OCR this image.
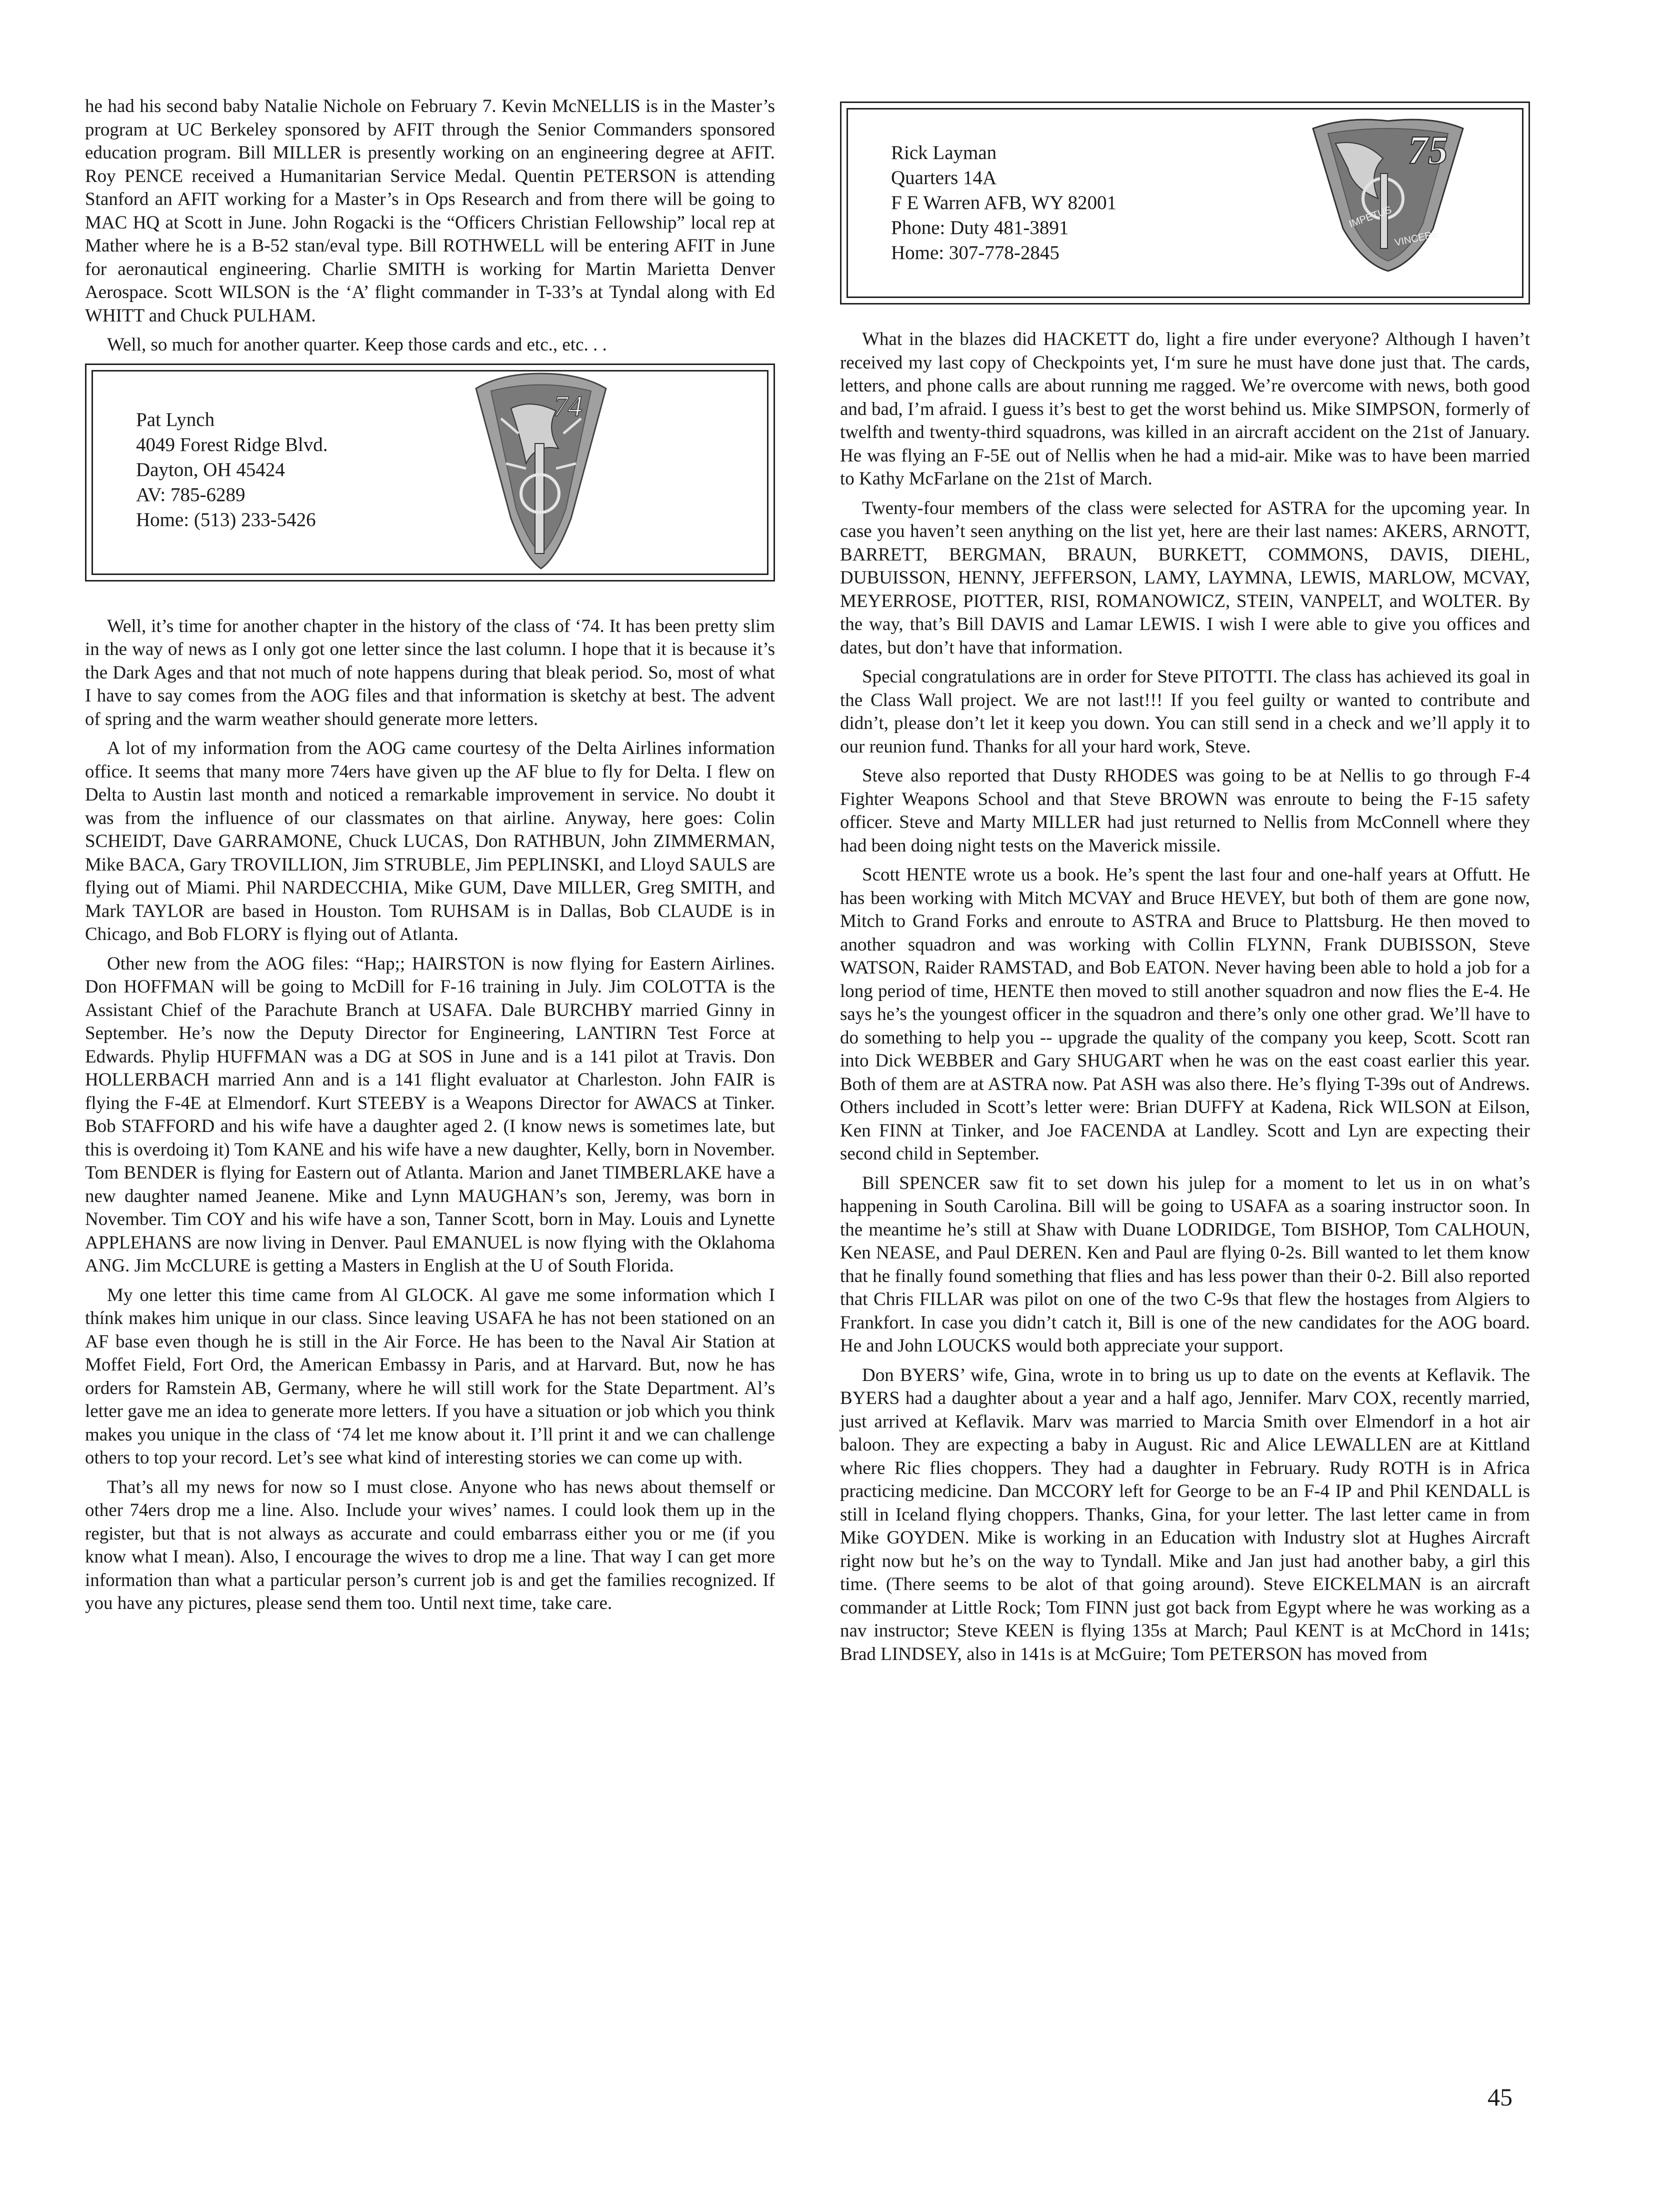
he had his second baby Natalie Nichole on February 7. Kevin McNELLIS is in the Master’s program at UC Berkeley sponsored by AFIT through the Senior Commanders sponsored education program. Bill MILLER is presently working on an engineering degree at AFIT. Roy PENCE received a Humanitarian Service Medal. Quentin PETERSON is attending Stanford an AFIT working for a Master’s in Ops Research and from there will be going to MAC HQ at Scott in June. John Rogacki is the “Officers Christian Fellowship” local rep at Mather where he is a B-52 stan/eval type. Bill ROTHWELL will be entering AFIT in June for aeronautical engineering. Charlie SMITH is working for Martin Marietta Denver Aerospace. Scott WILSON is the ‘A’ flight commander in T-33’s at Tyndal along with Ed WHITT and Chuck PULHAM.

Well, so much for another quarter. Keep those cards and etc., etc. . .

Pat Lynch
4049 Forest Ridge Blvd.
Dayton, OH 45424
AV: 785-6289
Home: (513) 233-5426
74

Well, it’s time for another chapter in the history of the class of ‘74. It has been pretty slim in the way of news as I only got one letter since the last column. I hope that it is because it’s the Dark Ages and that not much of note happens during that bleak period. So, most of what I have to say comes from the AOG files and that information is sketchy at best. The advent of spring and the warm weather should generate more letters.

A lot of my information from the AOG came courtesy of the Delta Airlines information office. It seems that many more 74ers have given up the AF blue to fly for Delta. I flew on Delta to Austin last month and noticed a remarkable improvement in service. No doubt it was from the influence of our classmates on that airline. Anyway, here goes: Colin SCHEIDT, Dave GARRAMONE, Chuck LUCAS, Don RATHBUN, John ZIMMERMAN, Mike BACA, Gary TROVILLION, Jim STRUBLE, Jim PEPLINSKI, and Lloyd SAULS are flying out of Miami. Phil NARDECCHIA, Mike GUM, Dave MILLER, Greg SMITH, and Mark TAYLOR are based in Houston. Tom RUHSAM is in Dallas, Bob CLAUDE is in Chicago, and Bob FLORY is flying out of Atlanta.

Other new from the AOG files: “Hap;; HAIRSTON is now flying for Eastern Airlines. Don HOFFMAN will be going to McDill for F-16 training in July. Jim COLOTTA is the Assistant Chief of the Parachute Branch at USAFA. Dale BURCHBY married Ginny in September. He’s now the Deputy Director for Engineering, LANTIRN Test Force at Edwards. Phylip HUFFMAN was a DG at SOS in June and is a 141 pilot at Travis. Don HOLLERBACH married Ann and is a 141 flight evaluator at Charleston. John FAIR is flying the F-4E at Elmendorf. Kurt STEEBY is a Weapons Director for AWACS at Tinker. Bob STAFFORD and his wife have a daughter aged 2. (I know news is sometimes late, but this is overdoing it) Tom KANE and his wife have a new daughter, Kelly, born in November. Tom BENDER is flying for Eastern out of Atlanta. Marion and Janet TIMBERLAKE have a new daughter named Jeanene. Mike and Lynn MAUGHAN’s son, Jeremy, was born in November. Tim COY and his wife have a son, Tanner Scott, born in May. Louis and Lynette APPLEHANS are now living in Denver. Paul EMANUEL is now flying with the Oklahoma ANG. Jim McCLURE is getting a Masters in English at the U of South Florida.

My one letter this time came from Al GLOCK. Al gave me some information which I thínk makes him unique in our class. Since leaving USAFA he has not been stationed on an AF base even though he is still in the Air Force. He has been to the Naval Air Station at Moffet Field, Fort Ord, the American Embassy in Paris, and at Harvard. But, now he has orders for Ramstein AB, Germany, where he will still work for the State Department. Al’s letter gave me an idea to generate more letters. If you have a situation or job which you think makes you unique in the class of ‘74 let me know about it. I’ll print it and we can challenge others to top your record. Let’s see what kind of interesting stories we can come up with.

That’s all my news for now so I must close. Anyone who has news about themself or other 74ers drop me a line. Also. Include your wives’ names. I could look them up in the register, but that is not always as accurate and could embarrass either you or me (if you know what I mean). Also, I encourage the wives to drop me a line. That way I can get more information than what a particular person’s current job is and get the families recognized. If you have any pictures, please send them too. Until next time, take care.

Rick Layman
Quarters 14A
F E Warren AFB, WY 82001
Phone: Duty 481-3891
Home: 307-778-2845
75
IMPETUS
VINCERE

What in the blazes did HACKETT do, light a fire under everyone? Although I haven’t received my last copy of Checkpoints yet, I‘m sure he must have done just that. The cards, letters, and phone calls are about running me ragged. We’re overcome with news, both good and bad, I’m afraid. I guess it’s best to get the worst behind us. Mike SIMPSON, formerly of twelfth and twenty-third squadrons, was killed in an aircraft accident on the 21st of January. He was flying an F-5E out of Nellis when he had a mid-air. Mike was to have been married to Kathy McFarlane on the 21st of March.

Twenty-four members of the class were selected for ASTRA for the upcoming year. In case you haven’t seen anything on the list yet, here are their last names: AKERS, ARNOTT, BARRETT, BERGMAN, BRAUN, BURKETT, COMMONS, DAVIS, DIEHL, DUBUISSON, HENNY, JEFFERSON, LAMY, LAYMNA, LEWIS, MARLOW, MCVAY, MEYERROSE, PIOTTER, RISI, ROMANOWICZ, STEIN, VANPELT, and WOLTER. By the way, that’s Bill DAVIS and Lamar LEWIS. I wish I were able to give you offices and dates, but don’t have that information.

Special congratulations are in order for Steve PITOTTI. The class has achieved its goal in the Class Wall project. We are not last!!! If you feel guilty or wanted to contribute and didn’t, please don’t let it keep you down. You can still send in a check and we’ll apply it to our reunion fund. Thanks for all your hard work, Steve.

Steve also reported that Dusty RHODES was going to be at Nellis to go through F-4 Fighter Weapons School and that Steve BROWN was enroute to being the F-15 safety officer. Steve and Marty MILLER had just returned to Nellis from McConnell where they had been doing night tests on the Maverick missile.

Scott HENTE wrote us a book. He’s spent the last four and one-half years at Offutt. He has been working with Mitch MCVAY and Bruce HEVEY, but both of them are gone now, Mitch to Grand Forks and enroute to ASTRA and Bruce to Plattsburg. He then moved to another squadron and was working with Collin FLYNN, Frank DUBISSON, Steve WATSON, Raider RAMSTAD, and Bob EATON. Never having been able to hold a job for a long period of time, HENTE then moved to still another squadron and now flies the E-4. He says he’s the youngest officer in the squadron and there’s only one other grad. We’ll have to do something to help you -- upgrade the quality of the company you keep, Scott. Scott ran into Dick WEBBER and Gary SHUGART when he was on the east coast earlier this year. Both of them are at ASTRA now. Pat ASH was also there. He’s flying T-39s out of Andrews. Others included in Scott’s letter were: Brian DUFFY at Kadena, Rick WILSON at Eilson, Ken FINN at Tinker, and Joe FACENDA at Landley. Scott and Lyn are expecting their second child in September.

Bill SPENCER saw fit to set down his julep for a moment to let us in on what’s happening in South Carolina. Bill will be going to USAFA as a soaring instructor soon. In the meantime he’s still at Shaw with Duane LODRIDGE, Tom BISHOP, Tom CALHOUN, Ken NEASE, and Paul DEREN. Ken and Paul are flying 0-2s. Bill wanted to let them know that he finally found something that flies and has less power than their 0-2. Bill also reported that Chris FILLAR was pilot on one of the two C-9s that flew the hostages from Algiers to Frankfort. In case you didn’t catch it, Bill is one of the new candidates for the AOG board. He and John LOUCKS would both appreciate your support.

Don BYERS’ wife, Gina, wrote in to bring us up to date on the events at Keflavik. The BYERS had a daughter about a year and a half ago, Jennifer. Marv COX, recently married, just arrived at Keflavik. Marv was married to Marcia Smith over Elmendorf in a hot air baloon. They are expecting a baby in August. Ric and Alice LEWALLEN are at Kittland where Ric flies choppers. They had a daughter in February. Rudy ROTH is in Africa practicing medicine. Dan MCCORY left for George to be an F-4 IP and Phil KENDALL is still in Iceland flying choppers. Thanks, Gina, for your letter. The last letter came in from Mike GOYDEN. Mike is working in an Education with Industry slot at Hughes Aircraft right now but he’s on the way to Tyndall. Mike and Jan just had another baby, a girl this time. (There seems to be alot of that going around). Steve EICKELMAN is an aircraft commander at Little Rock; Tom FINN just got back from Egypt where he was working as a nav instructor; Steve KEEN is flying 135s at March; Paul KENT is at McChord in 141s; Brad LINDSEY, also in 141s is at McGuire; Tom PETERSON has moved from

45
